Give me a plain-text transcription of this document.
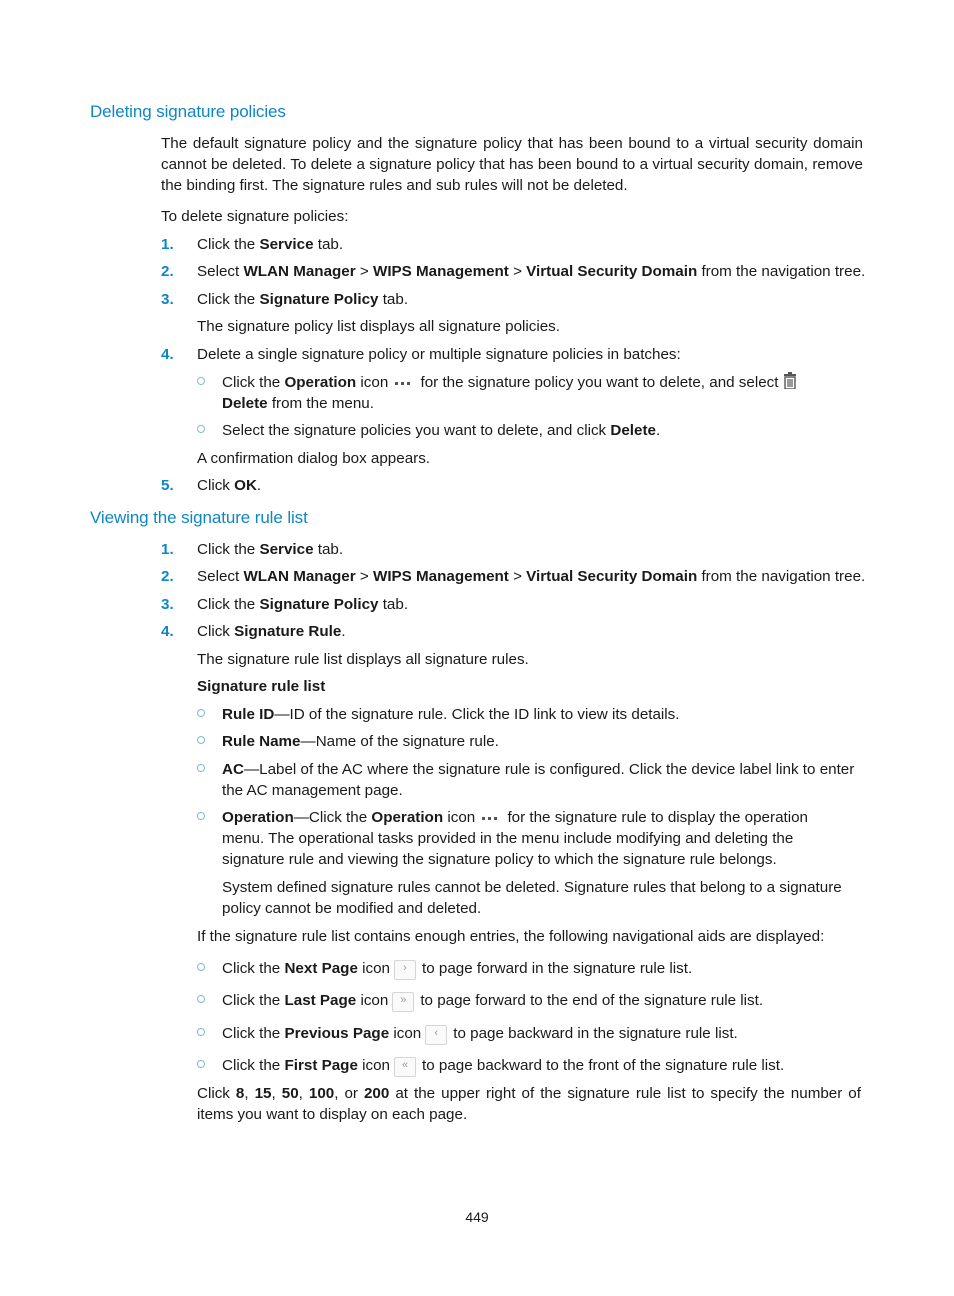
Deleting signature policies

The default signature policy and the signature policy that has been bound to a virtual security domain cannot be deleted. To delete a signature policy that has been bound to a virtual security domain, remove the binding first. The signature rules and sub rules will not be deleted.

To delete signature policies:

1. Click the Service tab.
2. Select WLAN Manager > WIPS Management > Virtual Security Domain from the navigation tree.
3. Click the Signature Policy tab.

The signature policy list displays all signature policies.

4. Delete a single signature policy or multiple signature policies in batches:
Click the Operation icon for the signature policy you want to delete, and select
Delete from the menu.
Select the signature policies you want to delete, and click Delete.

A confirmation dialog box appears.

5. Click OK.
Viewing the signature rule list
1. Click the Service tab.
2. Select WLAN Manager > WIPS Management > Virtual Security Domain from the navigation tree.
3. Click the Signature Policy tab.
4. Click Signature Rule.

The signature rule list displays all signature rules.

Signature rule list

Rule ID—ID of the signature rule. Click the ID link to view its details.
Rule Name—Name of the signature rule.
AC—Label of the AC where the signature rule is configured. Click the device label link to enter the AC management page.
Operation—Click the Operation icon for the signature rule to display the operation menu. The operational tasks provided in the menu include modifying and deleting the signature rule and viewing the signature policy to which the signature rule belongs.

System defined signature rules cannot be deleted. Signature rules that belong to a signature policy cannot be modified and deleted.

If the signature rule list contains enough entries, the following navigational aids are displayed:

Click the Next Page icon › to page forward in the signature rule list.
Click the Last Page icon » to page forward to the end of the signature rule list.
Click the Previous Page icon ‹ to page backward in the signature rule list.
Click the First Page icon « to page backward to the front of the signature rule list.

Click 8, 15, 50, 100, or 200 at the upper right of the signature rule list to specify the number of items you want to display on each page.

449
